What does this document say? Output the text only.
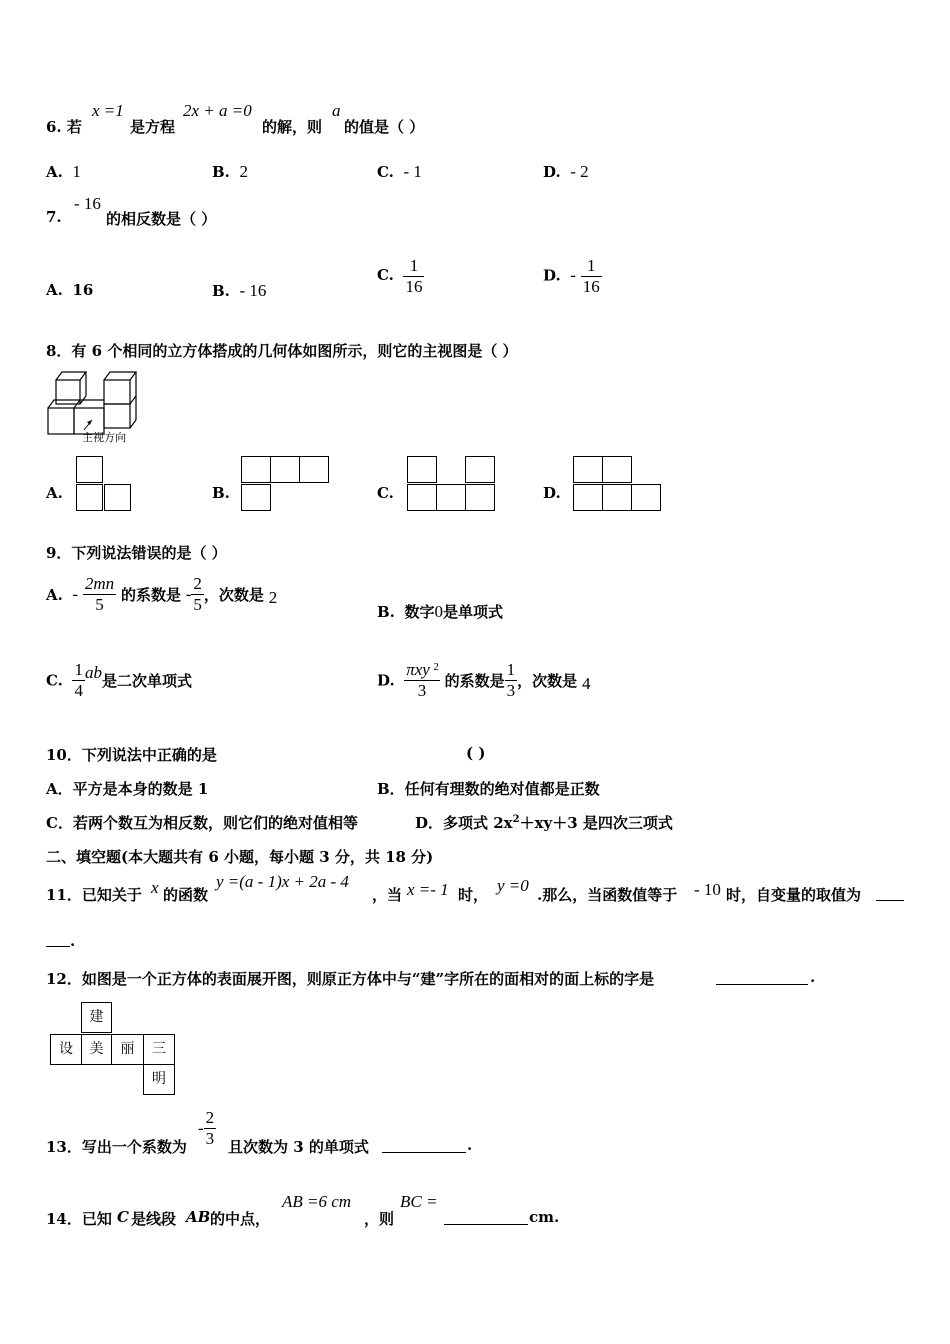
6. 若
x =1
是方程
2x + a =0
的解，则
a
的值是（ ）
A. 1	B. 2	C. - 1	D. - 2
7.
- 16
的相反数是（ ）
A. 16	B. - 16
C. $\frac{1}{16}$	D. - $\frac{1}{16}$
8．有 6 个相同的立方体搭成的几何体如图所示，则它的主视图是（ ）
主视方向
A.	B.	C.	D.
9．下列说法错误的是（ ）
A. - $\frac{2mn}{5}$ 的系数是 - $\frac{2}{5}$ ，次数是 2
B. 数字0是单项式
C. $\frac{1}{4}$ ab是二次单项式	D.
πxy
3
2
的系数是 $\frac{1}{3}$ ，次数是 4
10．下列说法中正确的是	( )
A．平方是本身的数是 1	B．任何有理数的绝对值都是正数
C．若两个数互为相反数，则它们的绝对值相等	D．多项式 $2x^2+xy+3$ 是四次三项式
二、填空题(本大题共有 6 小题，每小题 3 分，共 18 分)
11．已知关于 x 的函数
y =(a - 1)x + 2a - 4
，当 x =- 1 时， y =0 .那么，当函数值等于 - 10 时，自变量的取值为
.
12．如图是一个正方体的表面展开图，则原正方体中与“建”字所在的面相对的面上标的字是	.
建
设	美	丽	三
明
13．写出一个系数为
- $\frac{2}{3}$ 且次数为 3 的单项式	.
14．已知 C 是线段 AB 的中点，
AB =6 cm
，则
BC =
cm.
